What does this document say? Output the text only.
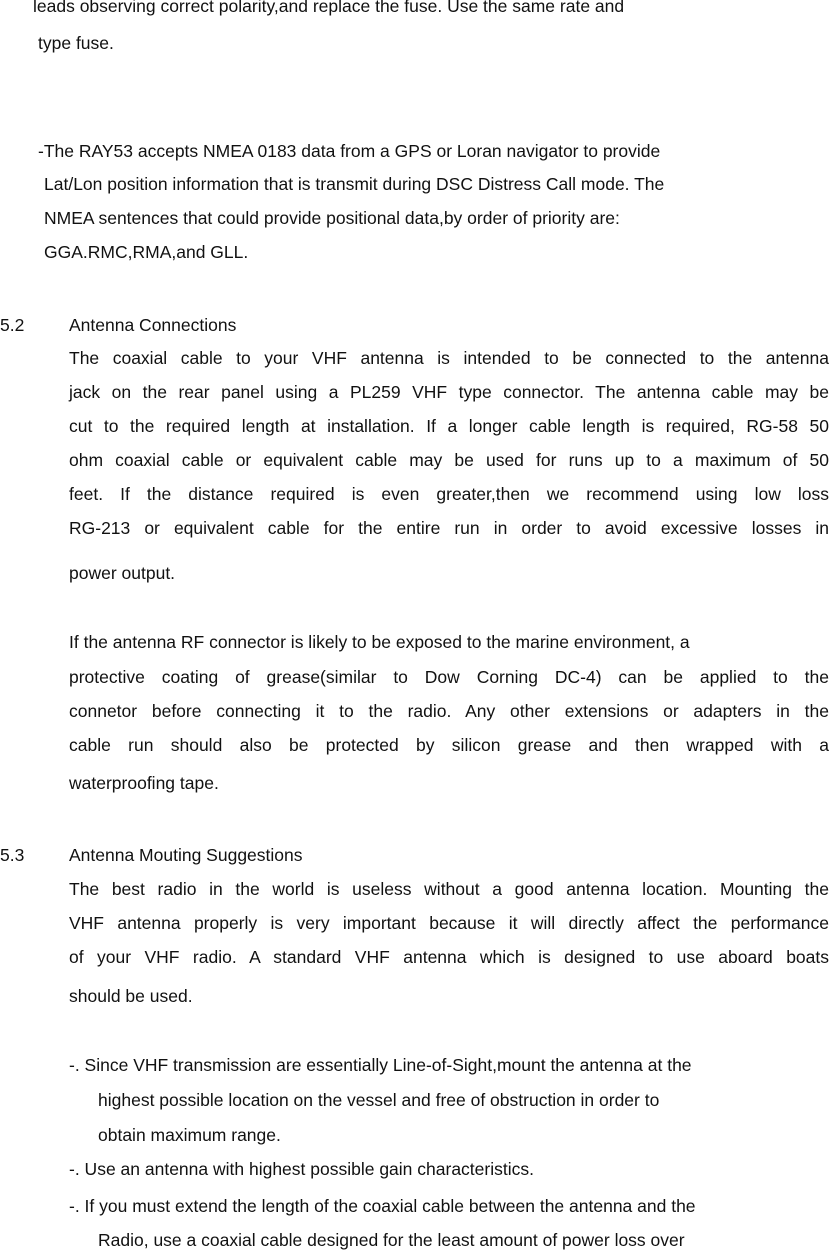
leads observing correct polarity,and replace the fuse. Use the same rate and
type fuse.
-The RAY53 accepts NMEA 0183 data from a GPS or Loran navigator to provide
Lat/Lon position information that is transmit during DSC Distress Call mode. The
NMEA sentences that could provide positional data,by order of priority are:
GGA.RMC,RMA,and GLL.
5.2	Antenna Connections
The coaxial cable to your VHF antenna is intended to be connected to the antenna
jack on the rear panel using a PL259 VHF type connector. The antenna cable may be
cut to the required length at installation. If a longer cable length is required, RG-58 50
ohm coaxial cable or equivalent cable may be used for runs up to a maximum of 50
feet. If the distance required is even greater,then we recommend using low loss
RG-213 or equivalent cable for the entire run in order to avoid excessive losses in
power output.
If the antenna RF connector is likely to be exposed to the marine environment, a
protective coating of grease(similar to Dow Corning DC-4) can be applied to the
connetor before connecting it to the radio. Any other extensions or adapters in the
cable run should also be protected by silicon grease and then wrapped with a
waterproofing tape.
5.3	Antenna Mouting Suggestions
The best radio in the world is useless without a good antenna location. Mounting the
VHF antenna properly is very important because it will directly affect the performance
of your VHF radio. A standard VHF antenna which is designed to use aboard boats
should be used.
-. Since VHF transmission are essentially Line-of-Sight,mount the antenna at the
highest possible location on the vessel and free of obstruction in order to
obtain maximum range.
-. Use an antenna with highest possible gain characteristics.
-. If you must extend the length of the coaxial cable between the antenna and the
Radio, use a coaxial cable designed for the least amount of power loss over
